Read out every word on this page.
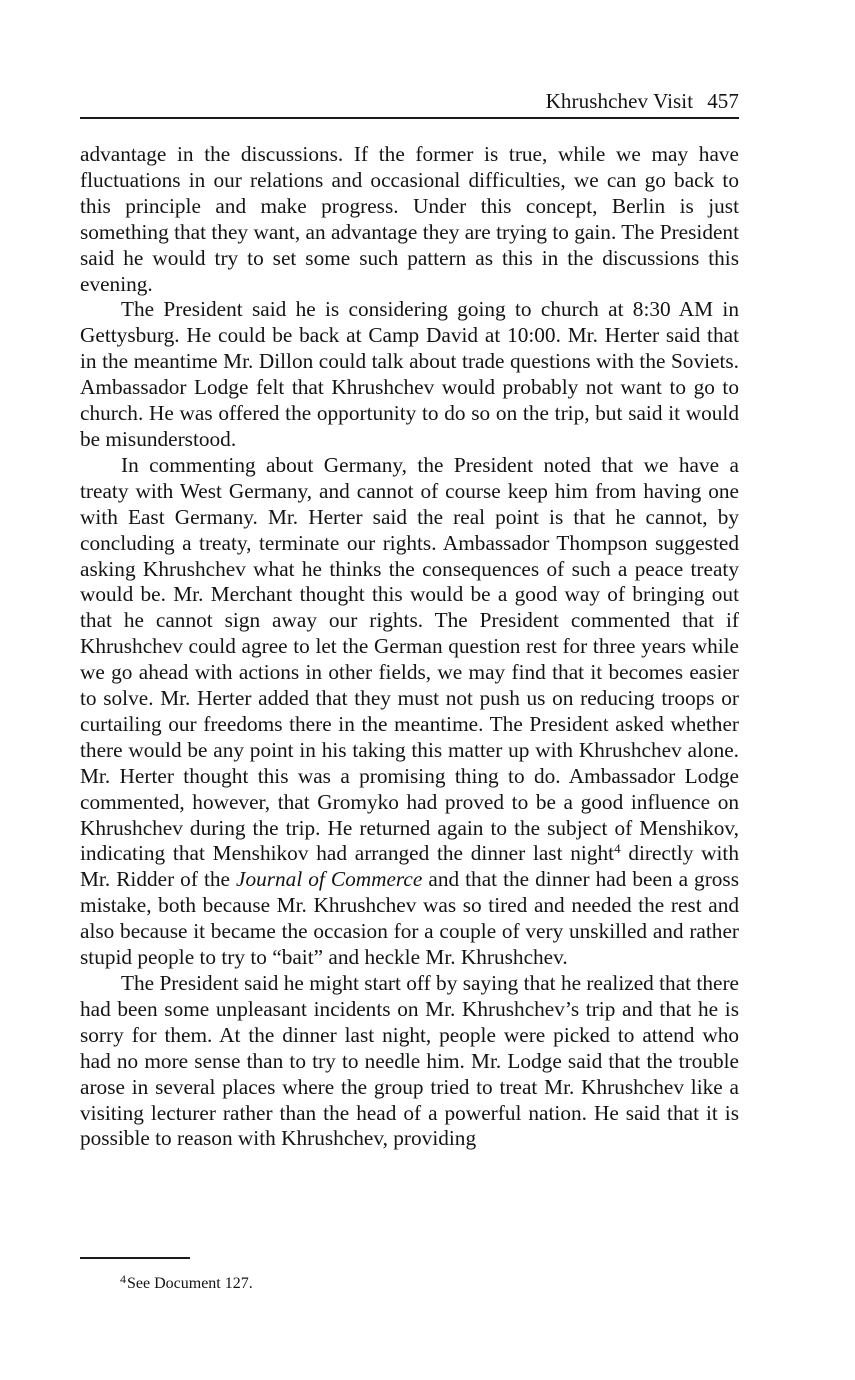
Khrushchev Visit 457

advantage in the discussions. If the former is true, while we may have fluctuations in our relations and occasional difficulties, we can go back to this principle and make progress. Under this concept, Berlin is just something that they want, an advantage they are trying to gain. The President said he would try to set some such pattern as this in the discussions this evening.

The President said he is considering going to church at 8:30 AM in Gettysburg. He could be back at Camp David at 10:00. Mr. Herter said that in the meantime Mr. Dillon could talk about trade questions with the Soviets. Ambassador Lodge felt that Khrushchev would probably not want to go to church. He was offered the opportunity to do so on the trip, but said it would be misunderstood.

In commenting about Germany, the President noted that we have a treaty with West Germany, and cannot of course keep him from having one with East Germany. Mr. Herter said the real point is that he cannot, by concluding a treaty, terminate our rights. Ambassador Thompson suggested asking Khrushchev what he thinks the consequences of such a peace treaty would be. Mr. Merchant thought this would be a good way of bringing out that he cannot sign away our rights. The President commented that if Khrushchev could agree to let the German question rest for three years while we go ahead with actions in other fields, we may find that it becomes easier to solve. Mr. Herter added that they must not push us on reducing troops or curtailing our freedoms there in the meantime. The President asked whether there would be any point in his taking this matter up with Khrushchev alone. Mr. Herter thought this was a promising thing to do. Ambassador Lodge commented, however, that Gromyko had proved to be a good influence on Khrushchev during the trip. He returned again to the subject of Menshikov, indicating that Menshikov had arranged the dinner last night$^4$ directly with Mr. Ridder of the Journal of Commerce and that the dinner had been a gross mistake, both because Mr. Khrushchev was so tired and needed the rest and also because it became the occasion for a couple of very unskilled and rather stupid people to try to “bait” and heckle Mr. Khrushchev.

The President said he might start off by saying that he realized that there had been some unpleasant incidents on Mr. Khrushchev’s trip and that he is sorry for them. At the dinner last night, people were picked to attend who had no more sense than to try to needle him. Mr. Lodge said that the trouble arose in several places where the group tried to treat Mr. Khrushchev like a visiting lecturer rather than the head of a powerful nation. He said that it is possible to reason with Khrushchev, providing

$^4$See Document 127.
